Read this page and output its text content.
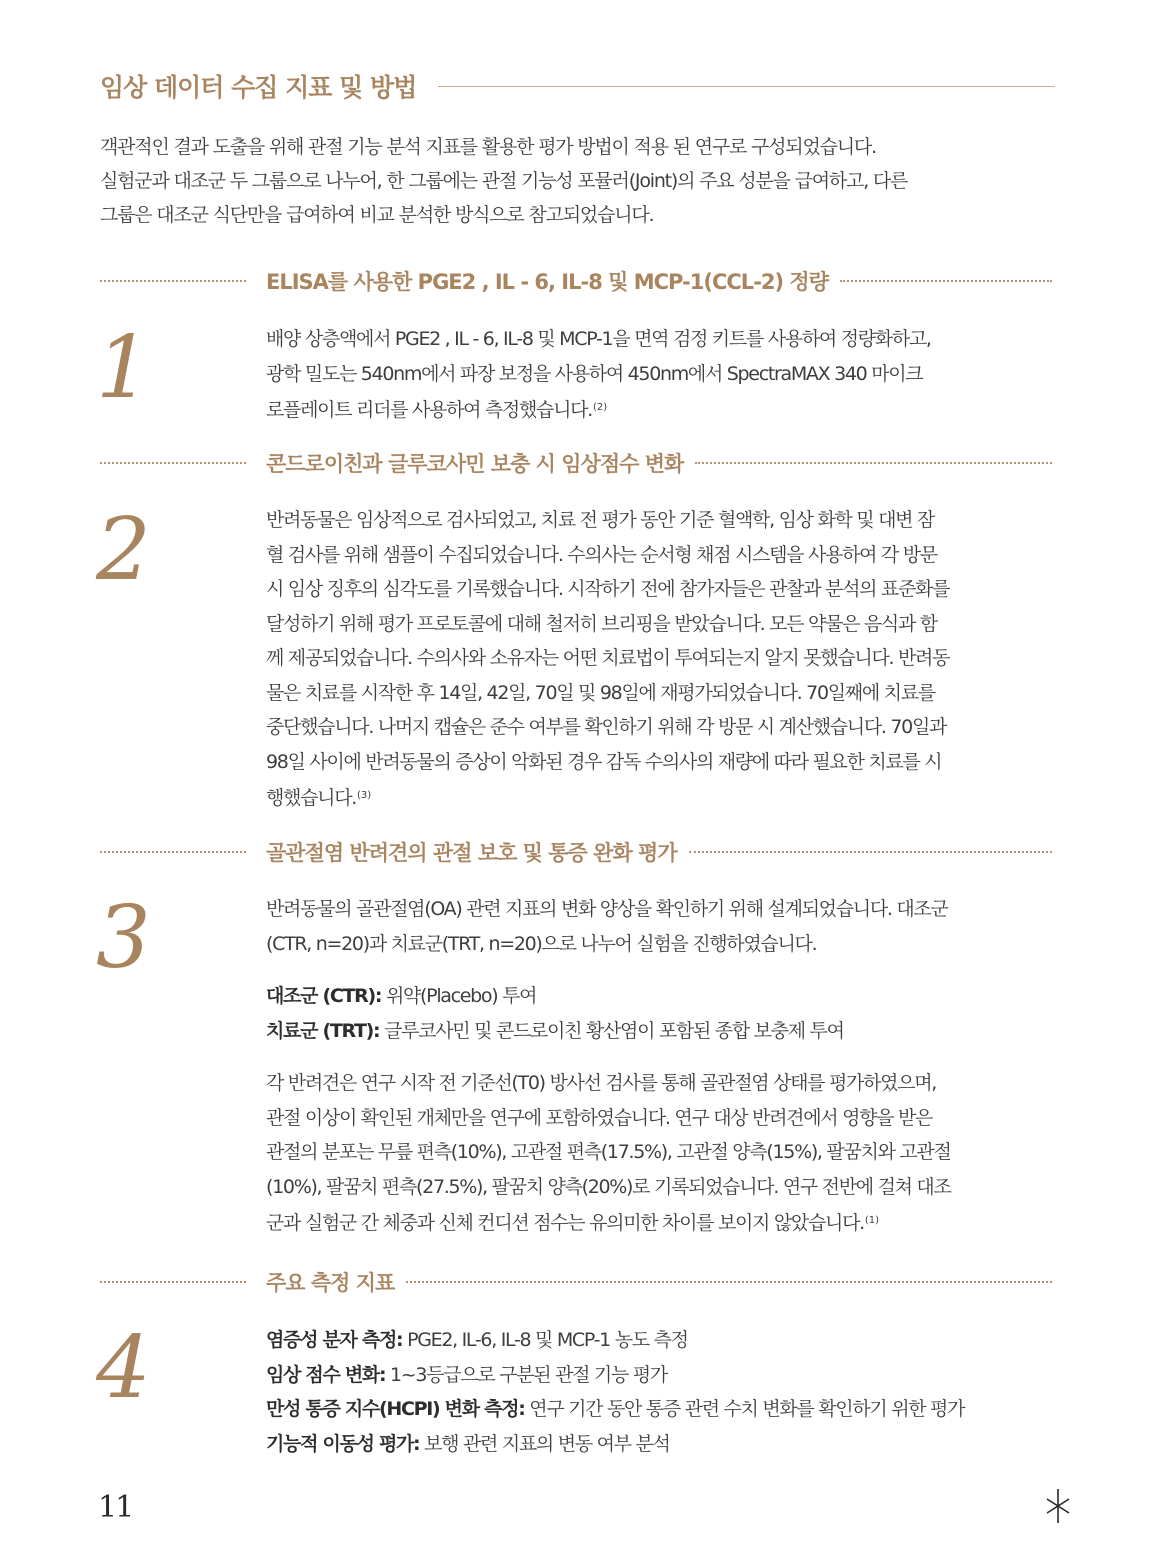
임상 데이터 수집 지표 및 방법

객관적인 결과 도출을 위해 관절 기능 분석 지표를 활용한 평가 방법이 적용 된 연구로 구성되었습니다.

실험군과 대조군 두 그룹으로 나누어, 한 그룹에는 관절 기능성 포뮬러(Joint)의 주요 성분을 급여하고, 다른

그룹은 대조군 식단만을 급여하여 비교 분석한 방식으로 참고되었습니다.

ELISA를 사용한 PGE2 , IL - 6, IL-8 및 MCP-1(CCL-2) 정량
1	배양 상층액에서 PGE2 , IL - 6, IL-8 및 MCP-1을 면역 검정 키트를 사용하여 정량화하고,

광학 밀도는 540nm에서 파장 보정을 사용하여 450nm에서 SpectraMAX 340 마이크

로플레이트 리더를 사용하여 측정했습니다.$^{(2)}$

콘드로이친과 글루코사민 보충 시 임상점수 변화
2	반려동물은 임상적으로 검사되었고, 치료 전 평가 동안 기준 혈액학, 임상 화학 및 대변 잠

혈 검사를 위해 샘플이 수집되었습니다. 수의사는 순서형 채점 시스템을 사용하여 각 방문

시 임상 징후의 심각도를 기록했습니다. 시작하기 전에 참가자들은 관찰과 분석의 표준화를

달성하기 위해 평가 프로토콜에 대해 철저히 브리핑을 받았습니다. 모든 약물은 음식과 함

께 제공되었습니다. 수의사와 소유자는 어떤 치료법이 투여되는지 알지 못했습니다. 반려동

물은 치료를 시작한 후 14일, 42일, 70일 및 98일에 재평가되었습니다. 70일째에 치료를

중단했습니다. 나머지 캡슐은 준수 여부를 확인하기 위해 각 방문 시 계산했습니다. 70일과

98일 사이에 반려동물의 증상이 악화된 경우 감독 수의사의 재량에 따라 필요한 치료를 시

행했습니다.$^{(3)}$

골관절염 반려견의 관절 보호 및 통증 완화 평가
3	반려동물의 골관절염(OA) 관련 지표의 변화 양상을 확인하기 위해 설계되었습니다. 대조군

(CTR, n=20)과 치료군(TRT, n=20)으로 나누어 실험을 진행하였습니다.

대조군 (CTR): 위약(Placebo) 투여

치료군 (TRT): 글루코사민 및 콘드로이친 황산염이 포함된 종합 보충제 투여

각 반려견은 연구 시작 전 기준선(T0) 방사선 검사를 통해 골관절염 상태를 평가하였으며,

관절 이상이 확인된 개체만을 연구에 포함하였습니다. 연구 대상 반려견에서 영향을 받은

관절의 분포는 무릎 편측(10%), 고관절 편측(17.5%), 고관절 양측(15%), 팔꿈치와 고관절

(10%), 팔꿈치 편측(27.5%), 팔꿈치 양측(20%)로 기록되었습니다. 연구 전반에 걸쳐 대조

군과 실험군 간 체중과 신체 컨디션 점수는 유의미한 차이를 보이지 않았습니다.$^{(1)}$

주요 측정 지표
4	염증성 분자 측정: PGE2, IL-6, IL-8 및 MCP-1 농도 측정

임상 점수 변화: 1~3등급으로 구분된 관절 기능 평가

만성 통증 지수(HCPI) 변화 측정: 연구 기간 동안 통증 관련 수치 변화를 확인하기 위한 평가

기능적 이동성 평가: 보행 관련 지표의 변동 여부 분석

11
